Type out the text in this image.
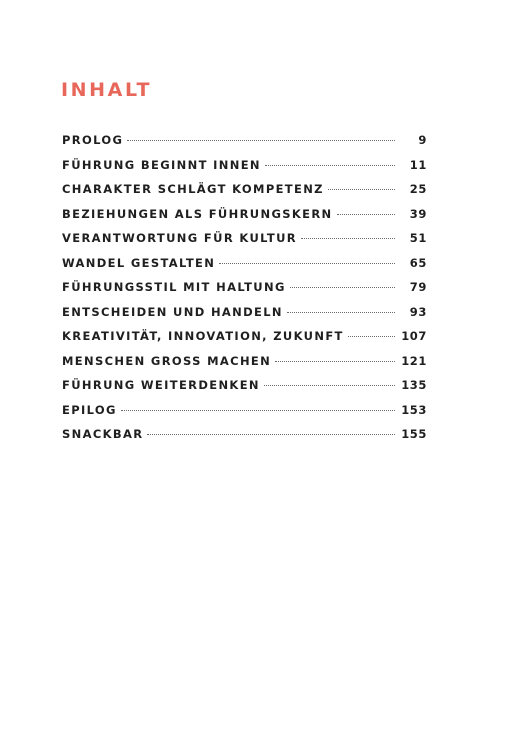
INHALT
PROLOG	9
FÜHRUNG BEGINNT INNEN	11
CHARAKTER SCHLÄGT KOMPETENZ	25
BEZIEHUNGEN ALS FÜHRUNGSKERN	39
VERANTWORTUNG FÜR KULTUR	51
WANDEL GESTALTEN	65
FÜHRUNGSSTIL MIT HALTUNG	79
ENTSCHEIDEN UND HANDELN	93
KREATIVITÄT, INNOVATION, ZUKUNFT	107
MENSCHEN GROSS MACHEN	121
FÜHRUNG WEITERDENKEN	135
EPILOG	153
SNACKBAR	155
